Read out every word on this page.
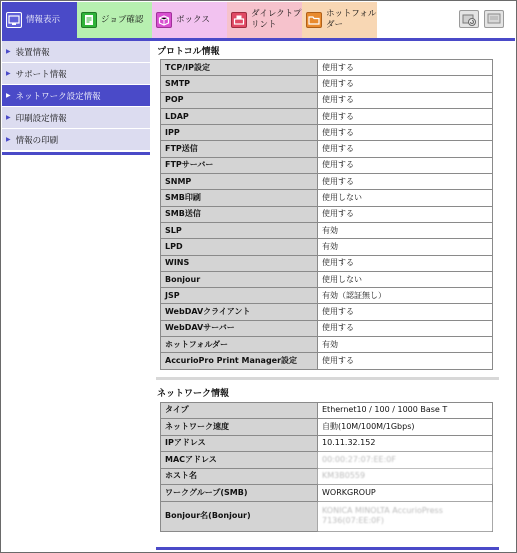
情報表示	ジョブ確認	ボックス
ダイレクトプ
リント
ホットフォル
ダー
▶ 装置情報
▶ サポート情報
▶ ネットワーク設定情報
▶ 印刷設定情報
▶ 情報の印刷
プロトコル情報
TCP/IP設定	使用する
SMTP	使用する
POP	使用する
LDAP	使用する
IPP	使用する
FTP送信	使用する
FTPサーバー	使用する
SNMP	使用する
SMB印刷	使用しない
SMB送信	使用する
SLP	有効
LPD	有効
WINS	使用する
Bonjour	使用しない
JSP	有効（認証無し）
WebDAVクライアント	使用する
WebDAVサーバー	使用する
ホットフォルダー	有効
AccurioPro Print Manager設定	使用する
ネットワーク情報
タイプ	Ethernet10 / 100 / 1000 Base T
ネットワーク速度	自動(10M/100M/1Gbps)
IPアドレス	10.11.32.152
MACアドレス	00:00:27:07:EE:0F
ホスト名	KM3B0559
ワークグループ(SMB)	WORKGROUP
Bonjour名(Bonjour)	KONICA MINOLTA AccurioPress 7136(07:EE:0F)
